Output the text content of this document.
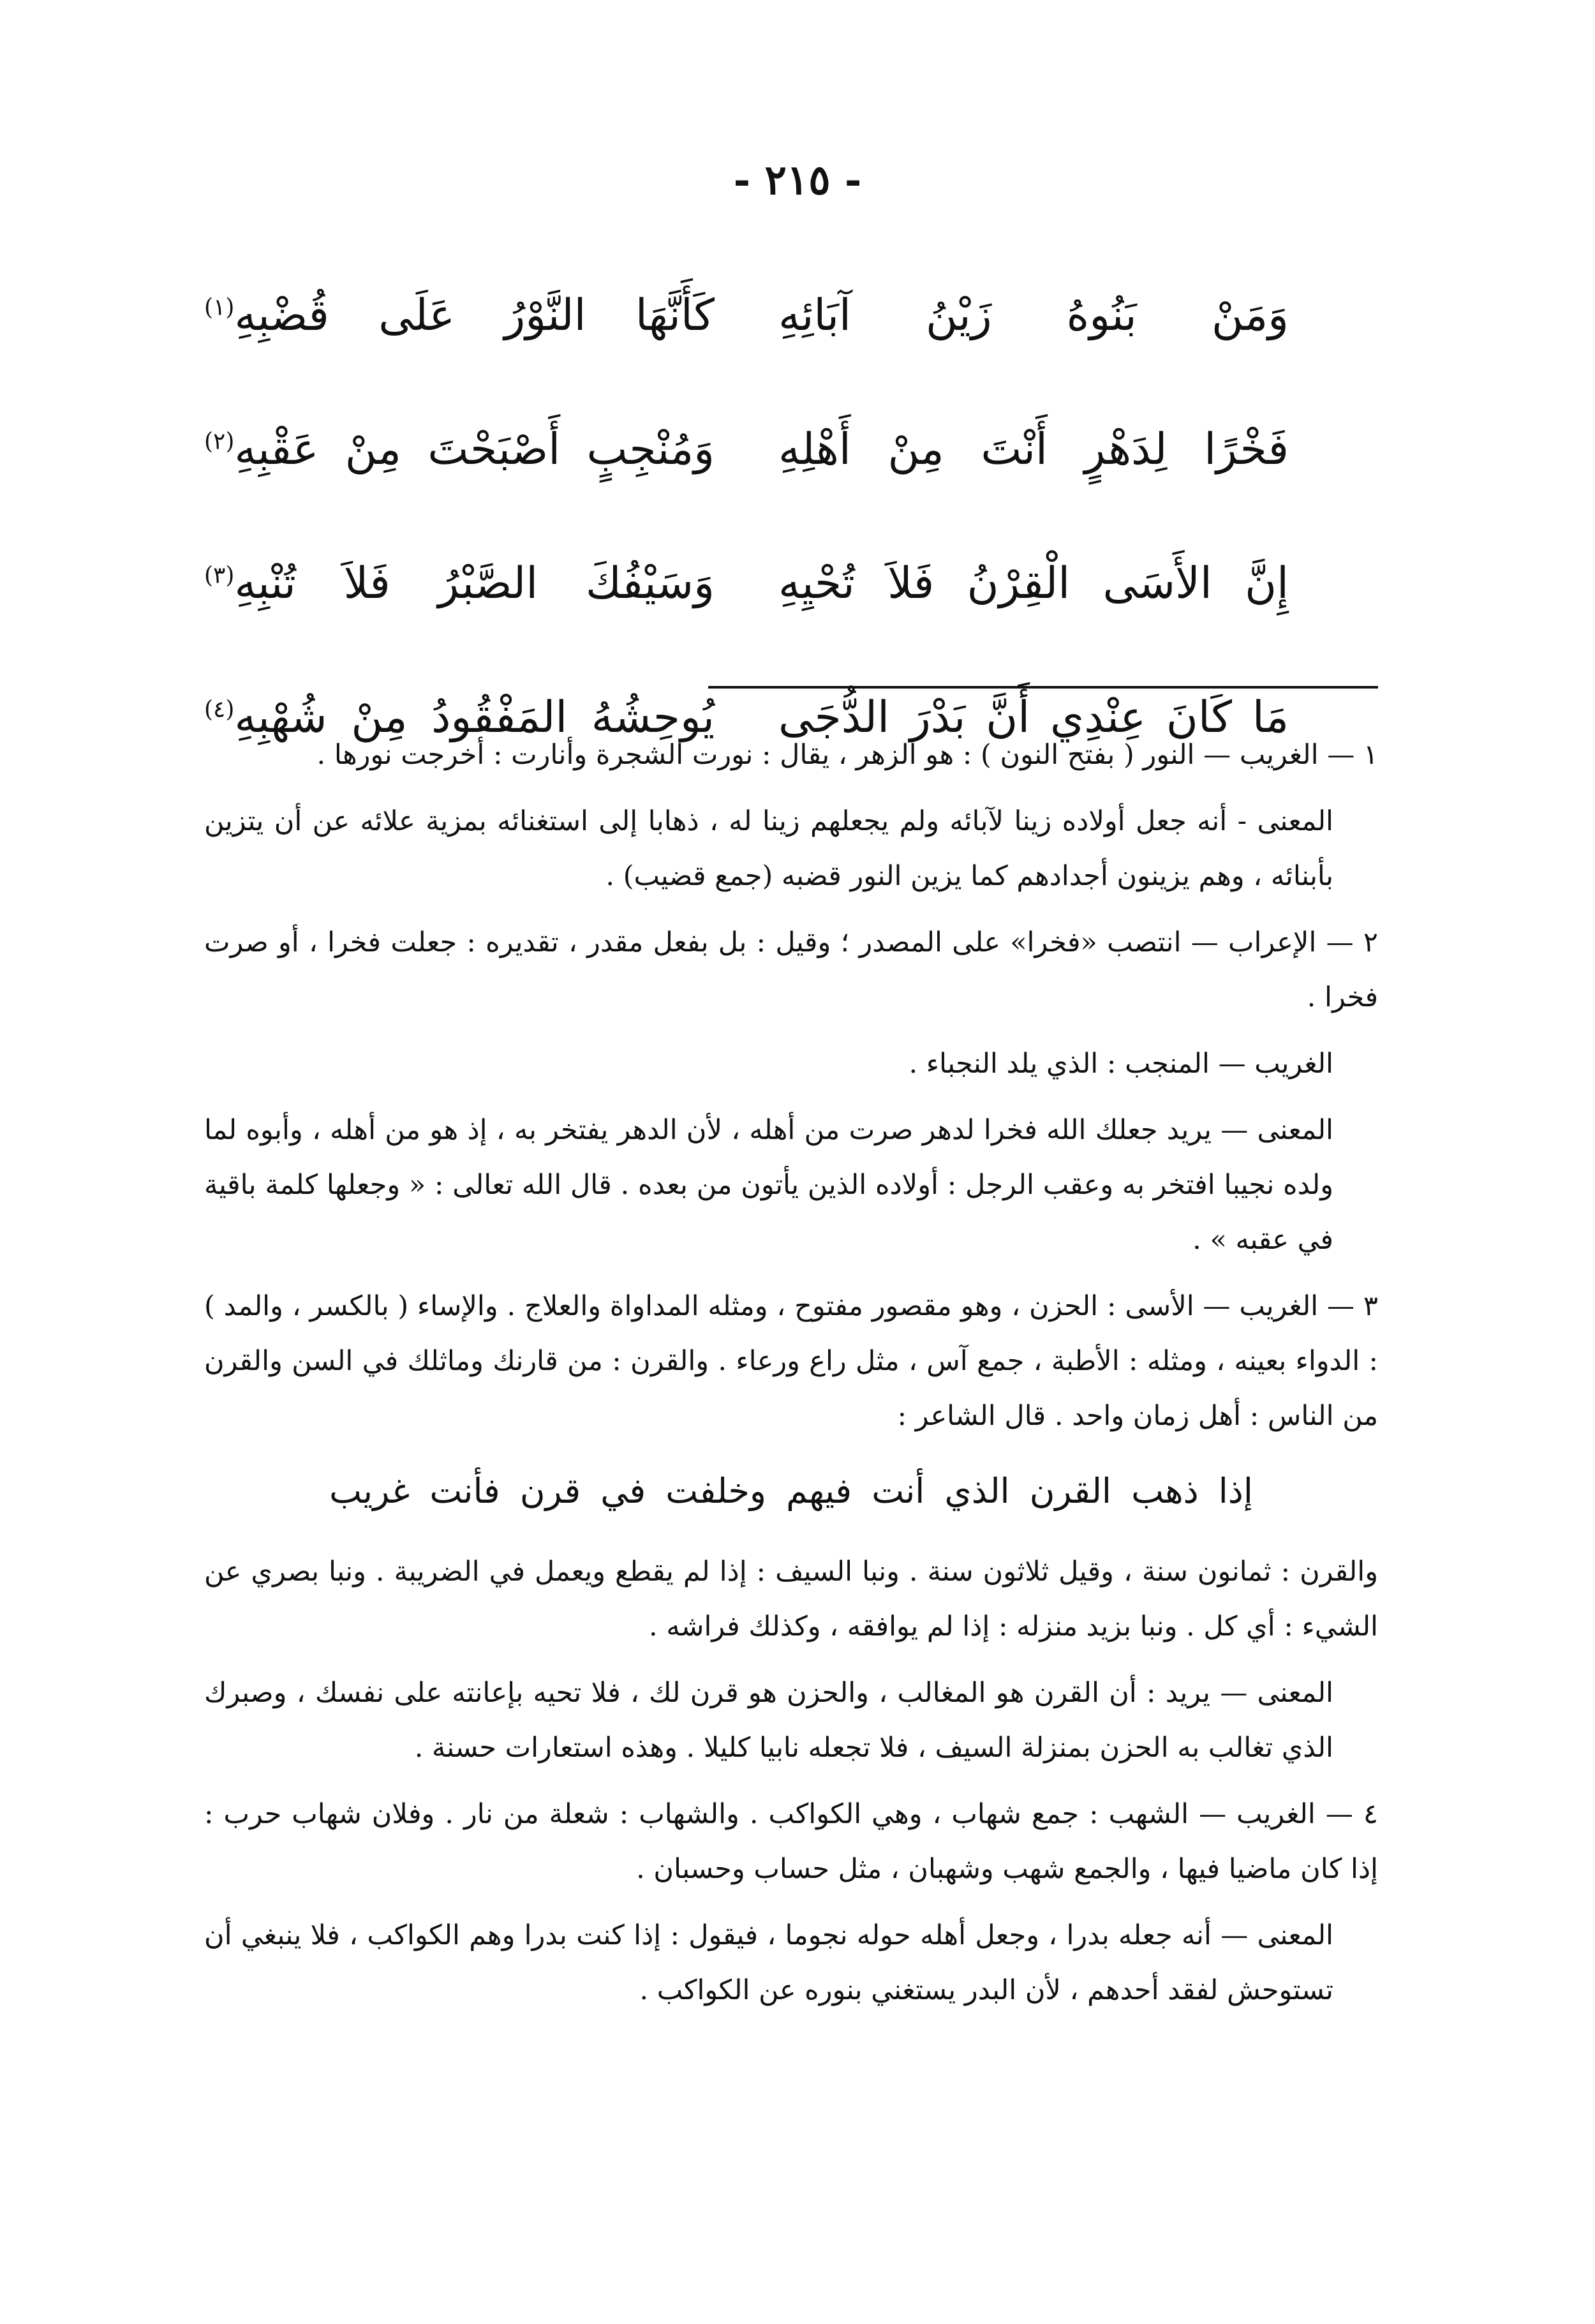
- ٢١٥ -
وَمَنْ بَنُوهُ زَيْنُ آبَائِهِ
كَأَنَّهَا النَّوْرُ عَلَى قُضْبِهِ$^{(١)}$
فَخْرًا لِدَهْرٍ أَنْتَ مِنْ أَهْلِهِ
وَمُنْجِبٍ أَصْبَحْتَ مِنْ عَقْبِهِ$^{(٢)}$
إِنَّ الأَسَى الْقِرْنُ فَلاَ تُحْيِهِ
وَسَيْفُكَ الصَّبْرُ فَلاَ تُنْبِهِ$^{(٣)}$
مَا كَانَ عِنْدِي أَنَّ بَدْرَ الدُّجَى
يُوحِشُهُ المَفْقُودُ مِنْ شُهْبِهِ$^{(٤)}$

١ — الغريب — النور ( بفتح النون ) : هو الزهر ، يقال : نورت الشجرة وأنارت : أخرجت نورها .

المعنى - أنه جعل أولاده زينا لآبائه ولم يجعلهم زينا له ، ذهابا إلى استغنائه بمزية علائه عن أن يتزين بأبنائه ، وهم يزينون أجدادهم كما يزين النور قضبه (جمع قضيب) .

٢ — الإعراب — انتصب «فخرا» على المصدر ؛ وقيل : بل بفعل مقدر ، تقديره : جعلت فخرا ، أو صرت فخرا .

الغريب — المنجب : الذي يلد النجباء .

المعنى — يريد جعلك الله فخرا لدهر صرت من أهله ، لأن الدهر يفتخر به ، إذ هو من أهله ، وأبوه لما ولده نجيبا افتخر به وعقب الرجل : أولاده الذين يأتون من بعده . قال الله تعالى : « وجعلها كلمة باقية في عقبه » .

٣ — الغريب — الأسى : الحزن ، وهو مقصور مفتوح ، ومثله المداواة والعلاج . والإساء ( بالكسر ، والمد ) : الدواء بعينه ، ومثله : الأطبة ، جمع آس ، مثل راع ورعاء . والقرن : من قارنك وماثلك في السن والقرن من الناس : أهل زمان واحد . قال الشاعر :

إذا ذهب القرن الذي أنت فيهم وخلفت في قرن فأنت غريب

والقرن : ثمانون سنة ، وقيل ثلاثون سنة . ونبا السيف : إذا لم يقطع ويعمل في الضريبة . ونبا بصري عن الشيء : أي كل . ونبا بزيد منزله : إذا لم يوافقه ، وكذلك فراشه .

المعنى — يريد : أن القرن هو المغالب ، والحزن هو قرن لك ، فلا تحيه بإعانته على نفسك ، وصبرك الذي تغالب به الحزن بمنزلة السيف ، فلا تجعله نابيا كليلا . وهذه استعارات حسنة .

٤ — الغريب — الشهب : جمع شهاب ، وهي الكواكب . والشهاب : شعلة من نار . وفلان شهاب حرب : إذا كان ماضيا فيها ، والجمع شهب وشهبان ، مثل حساب وحسبان .

المعنى — أنه جعله بدرا ، وجعل أهله حوله نجوما ، فيقول : إذا كنت بدرا وهم الكواكب ، فلا ينبغي أن تستوحش لفقد أحدهم ، لأن البدر يستغني بنوره عن الكواكب .
